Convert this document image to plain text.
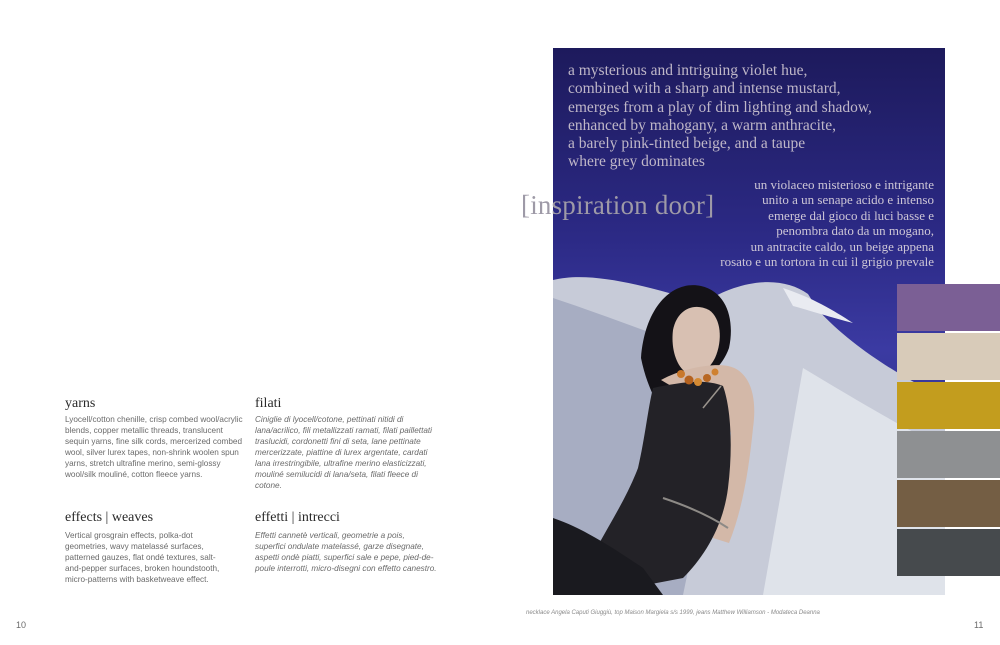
10	11
yarns
Lyocell/cotton chenille, crisp combed wool/acrylic blends, copper metallic threads, translucent sequin yarns, fine silk cords, mercerized combed wool, silver lurex tapes, non-shrink woolen spun yarns, stretch ultrafine merino, semi-glossy wool/silk mouliné, cotton fleece yarns.
filati
Ciniglie di lyocell/cotone, pettinati nitidi di lana/acrilico, fili metallizzati ramati, filati paillettati traslucidi, cordonetti fini di seta, lane pettinate mercerizzate, piattine di lurex argentate, cardati lana irrestringibile, ultrafine merino elasticizzati, mouliné semilucidi di lana/seta, filati fleece di cotone.
effects | weaves
Vertical grosgrain effects, polka-dot geometries, wavy matelassé surfaces, patterned gauzes, flat ondé textures, salt-and-pepper surfaces, broken houndstooth, micro-patterns with basketweave effect.
effetti | intrecci
Effetti cannetè verticali, geometrie a pois, superfici ondulate matelassé, garze disegnate, aspetti ondè piatti, superfici sale e pepe, pied-de-poule interrotti, micro-disegni con effetto canestro.
a mysterious and intriguing violet hue,
combined with a sharp and intense mustard,
emerges from a play of dim lighting and shadow,
enhanced by mahogany, a warm anthracite,
a barely pink-tinted beige, and a taupe
where grey dominates
[inspiration door]
un violaceo misterioso e intrigante
unito a un senape acido e intenso
emerge dal gioco di luci basse e
penombra dato da un mogano,
un antracite caldo, un beige appena
rosato e un tortora in cui il grigio prevale
necklace Angela Caputi Giuggiù, top Maison Margiela s/s 1999, jeans Matthew Williamson - Modateca Deanna
